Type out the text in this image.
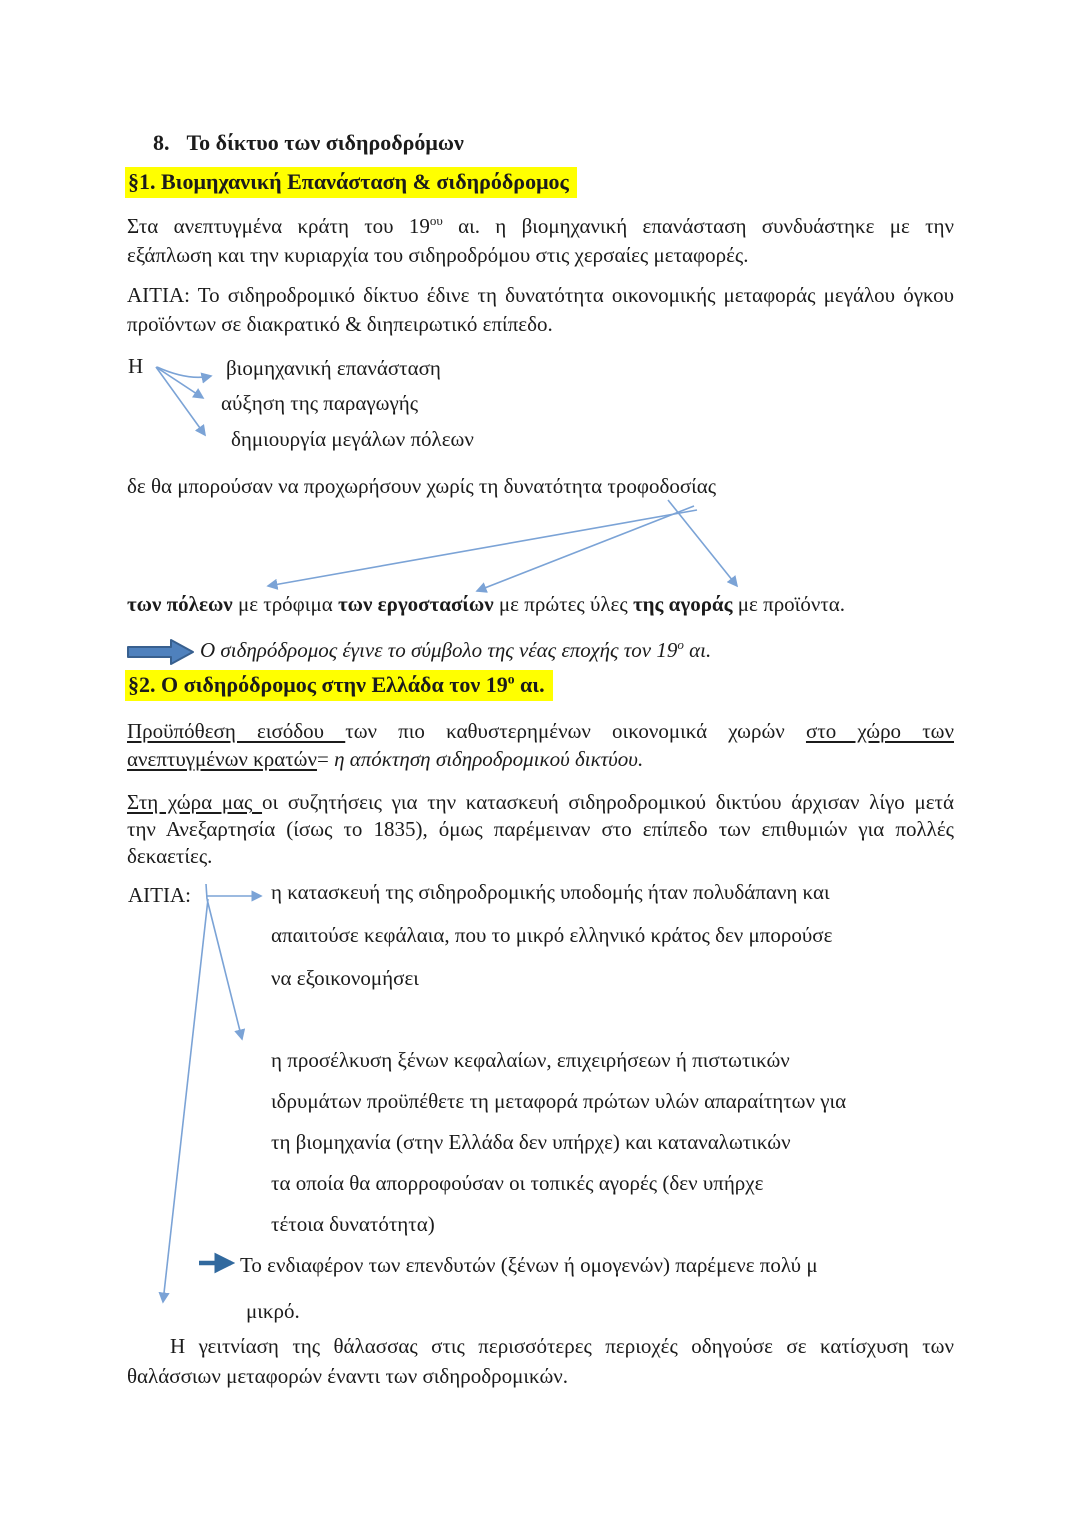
8. Το δίκτυο των σιδηροδρόμων
§1. Βιομηχανική Επανάσταση & σιδηρόδρομος
Στα ανεπτυγμένα κράτη του $19^{o\upsilon}$ αι. η βιομηχανική επανάσταση συνδυάστηκε με την
εξάπλωση και την κυριαρχία του σιδηροδρόμου στις χερσαίες μεταφορές.
ΑΙΤΙΑ: Το σιδηροδρομικό δίκτυο έδινε τη δυνατότητα οικονομικής μεταφοράς μεγάλου όγκου
προϊόντων σε διακρατικό & διηπειρωτικό επίπεδο.
Η	βιομηχανική επανάσταση
αύξηση της παραγωγής
δημιουργία μεγάλων πόλεων
δε θα μπορούσαν να προχωρήσουν χωρίς τη δυνατότητα τροφοδοσίας
των πόλεων με τρόφιμα των εργοστασίων με πρώτες ύλες της αγοράς με προϊόντα.
Ο σιδηρόδρομος έγινε το σύμβολο της νέας εποχής τον $19^o$ αι.
§2. Ο σιδηρόδρομος στην Ελλάδα τον $19^o$ αι.
Προϋπόθεση εισόδου των πιο καθυστερημένων οικονομικά χωρών στο χώρο των
ανεπτυγμένων κρατών= η απόκτηση σιδηροδρομικού δικτύου.
Στη χώρα μας οι συζητήσεις για την κατασκευή σιδηροδρομικού δικτύου άρχισαν λίγο μετά
την Ανεξαρτησία (ίσως το 1835), όμως παρέμειναν στο επίπεδο των επιθυμιών για πολλές
δεκαετίες.
ΑΙΤΙΑ:	η κατασκευή της σιδηροδρομικής υποδομής ήταν πολυδάπανη και
απαιτούσε κεφάλαια, που το μικρό ελληνικό κράτος δεν μπορούσε
να εξοικονομήσει
η προσέλκυση ξένων κεφαλαίων, επιχειρήσεων ή πιστωτικών
ιδρυμάτων προϋπέθετε τη μεταφορά πρώτων υλών απαραίτητων για
τη βιομηχανία (στην Ελλάδα δεν υπήρχε) και καταναλωτικών
τα οποία θα απορροφούσαν οι τοπικές αγορές (δεν υπήρχε
τέτοια δυνατότητα)
Το ενδιαφέρον των επενδυτών (ξένων ή ομογενών) παρέμενε πολύ μ
μικρό.
Η γειτνίαση της θάλασσας στις περισσότερες περιοχές οδηγούσε σε κατίσχυση των
θαλάσσιων μεταφορών έναντι των σιδηροδρομικών.
